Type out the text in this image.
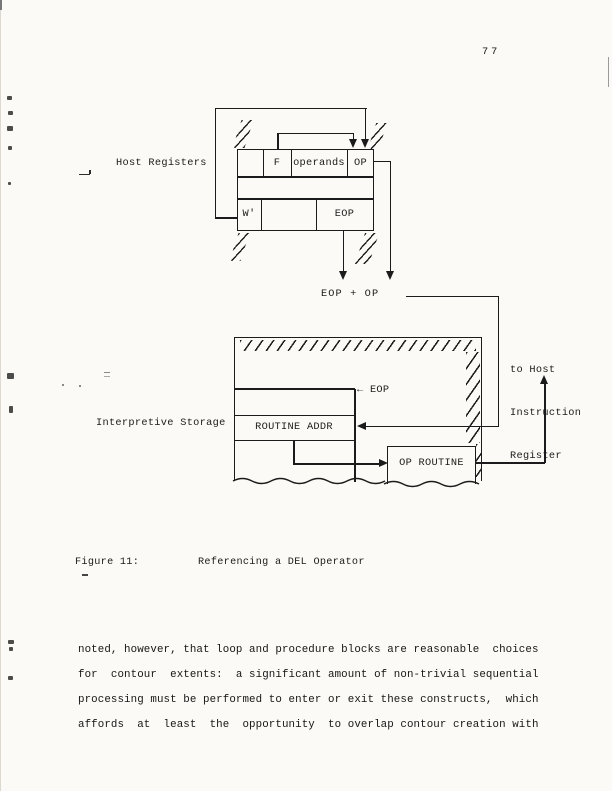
77
Host Registers	F	operands OP
W'	EOP
EOP + OP
Interpretive Storage
← EOP
ROUTINE ADDR
OP ROUTINE

to Host

Instruction

Register

Figure 11:	Referencing a DEL Operator
noted, however, that loop and procedure blocks are reasonable  choices
for  contour  extents:  a significant amount of non-trivial sequential
processing must be performed to enter or exit these constructs,  which
affords  at  least  the  opportunity  to overlap contour creation with
